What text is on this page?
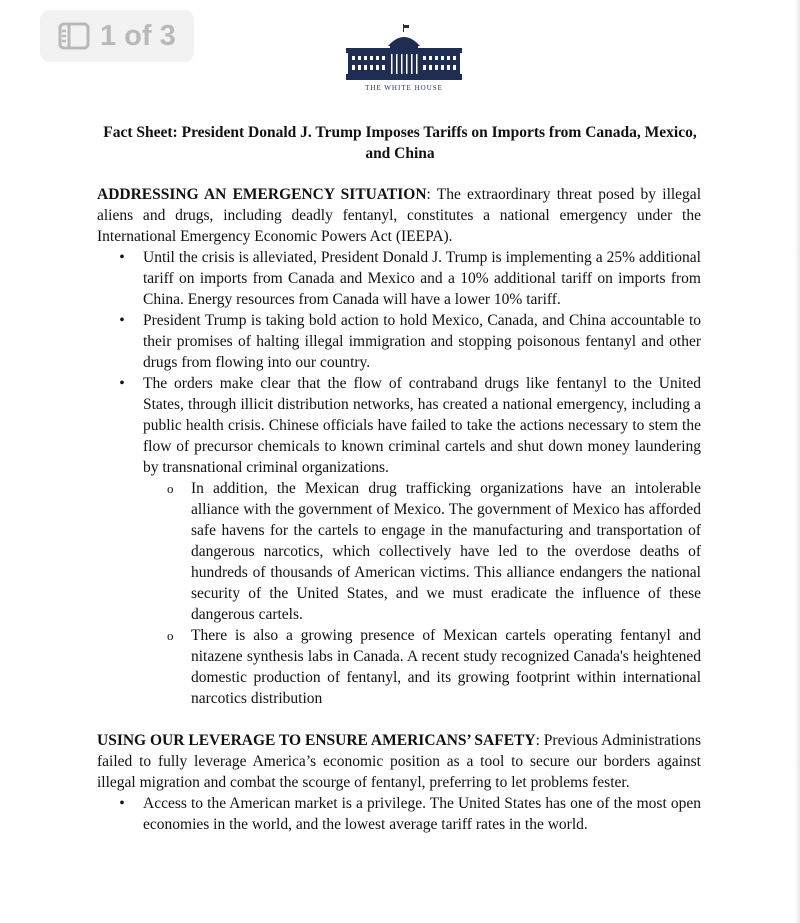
1 of 3
THE WHITE HOUSE
Fact Sheet: President Donald J. Trump Imposes Tariffs on Imports from Canada, Mexico, and China

ADDRESSING AN EMERGENCY SITUATION: The extraordinary threat posed by illegal aliens and drugs, including deadly fentanyl, constitutes a national emergency under the International Emergency Economic Powers Act (IEEPA).

• Until the crisis is alleviated, President Donald J. Trump is implementing a 25% additional tariff on imports from Canada and Mexico and a 10% additional tariff on imports from China. Energy resources from Canada will have a lower 10% tariff.
• President Trump is taking bold action to hold Mexico, Canada, and China accountable to their promises of halting illegal immigration and stopping poisonous fentanyl and other drugs from flowing into our country.
• The orders make clear that the flow of contraband drugs like fentanyl to the United States, through illicit distribution networks, has created a national emergency, including a public health crisis. Chinese officials have failed to take the actions necessary to stem the flow of precursor chemicals to known criminal cartels and shut down money laundering by transnational criminal organizations.
o In addition, the Mexican drug trafficking organizations have an intolerable alliance with the government of Mexico. The government of Mexico has afforded safe havens for the cartels to engage in the manufacturing and transportation of dangerous narcotics, which collectively have led to the overdose deaths of hundreds of thousands of American victims. This alliance endangers the national security of the United States, and we must eradicate the influence of these dangerous cartels.
o There is also a growing presence of Mexican cartels operating fentanyl and nitazene synthesis labs in Canada. A recent study recognized Canada's heightened domestic production of fentanyl, and its growing footprint within international narcotics distribution

USING OUR LEVERAGE TO ENSURE AMERICANS’ SAFETY: Previous Administrations failed to fully leverage America’s economic position as a tool to secure our borders against illegal migration and combat the scourge of fentanyl, preferring to let problems fester.

• Access to the American market is a privilege. The United States has one of the most open economies in the world, and the lowest average tariff rates in the world.
